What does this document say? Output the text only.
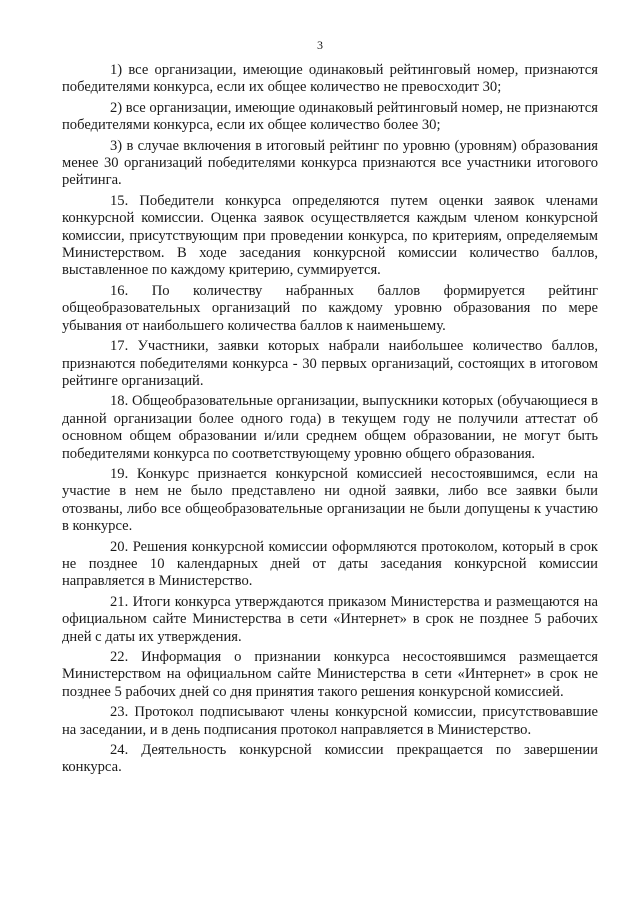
3

1) все организации, имеющие одинаковый рейтинговый номер, признаются победителями конкурса, если их общее количество не превосходит 30;

2) все организации, имеющие одинаковый рейтинговый номер, не признаются победителями конкурса, если их общее количество более 30;

3) в случае включения в итоговый рейтинг по уровню (уровням) образования менее 30 организаций победителями конкурса признаются все участники итогового рейтинга.

15. Победители конкурса определяются путем оценки заявок членами конкурсной комиссии. Оценка заявок осуществляется каждым членом конкурсной комиссии, присутствующим при проведении конкурса, по критериям, определяемым Министерством. В ходе заседания конкурсной комиссии количество баллов, выставленное по каждому критерию, суммируется.

16. По количеству набранных баллов формируется рейтинг общеобразовательных организаций по каждому уровню образования по мере убывания от наибольшего количества баллов к наименьшему.

17. Участники, заявки которых набрали наибольшее количество баллов, признаются победителями конкурса - 30 первых организаций, состоящих в итоговом рейтинге организаций.

18. Общеобразовательные организации, выпускники которых (обучающиеся в данной организации более одного года) в текущем году не получили аттестат об основном общем образовании и/или среднем общем образовании, не могут быть победителями конкурса по соответствующему уровню общего образования.

19. Конкурс признается конкурсной комиссией несостоявшимся, если на участие в нем не было представлено ни одной заявки, либо все заявки были отозваны, либо все общеобразовательные организации не были допущены к участию в конкурсе.

20. Решения конкурсной комиссии оформляются протоколом, который в срок не позднее 10 календарных дней от даты заседания конкурсной комиссии направляется в Министерство.

21. Итоги конкурса утверждаются приказом Министерства и размещаются на официальном сайте Министерства в сети «Интернет» в срок не позднее 5 рабочих дней с даты их утверждения.

22. Информация о признании конкурса несостоявшимся размещается Министерством на официальном сайте Министерства в сети «Интернет» в срок не позднее 5 рабочих дней со дня принятия такого решения конкурсной комиссией.

23. Протокол подписывают члены конкурсной комиссии, присутствовавшие на заседании, и в день подписания протокол направляется в Министерство.

24. Деятельность конкурсной комиссии прекращается по завершении конкурса.
